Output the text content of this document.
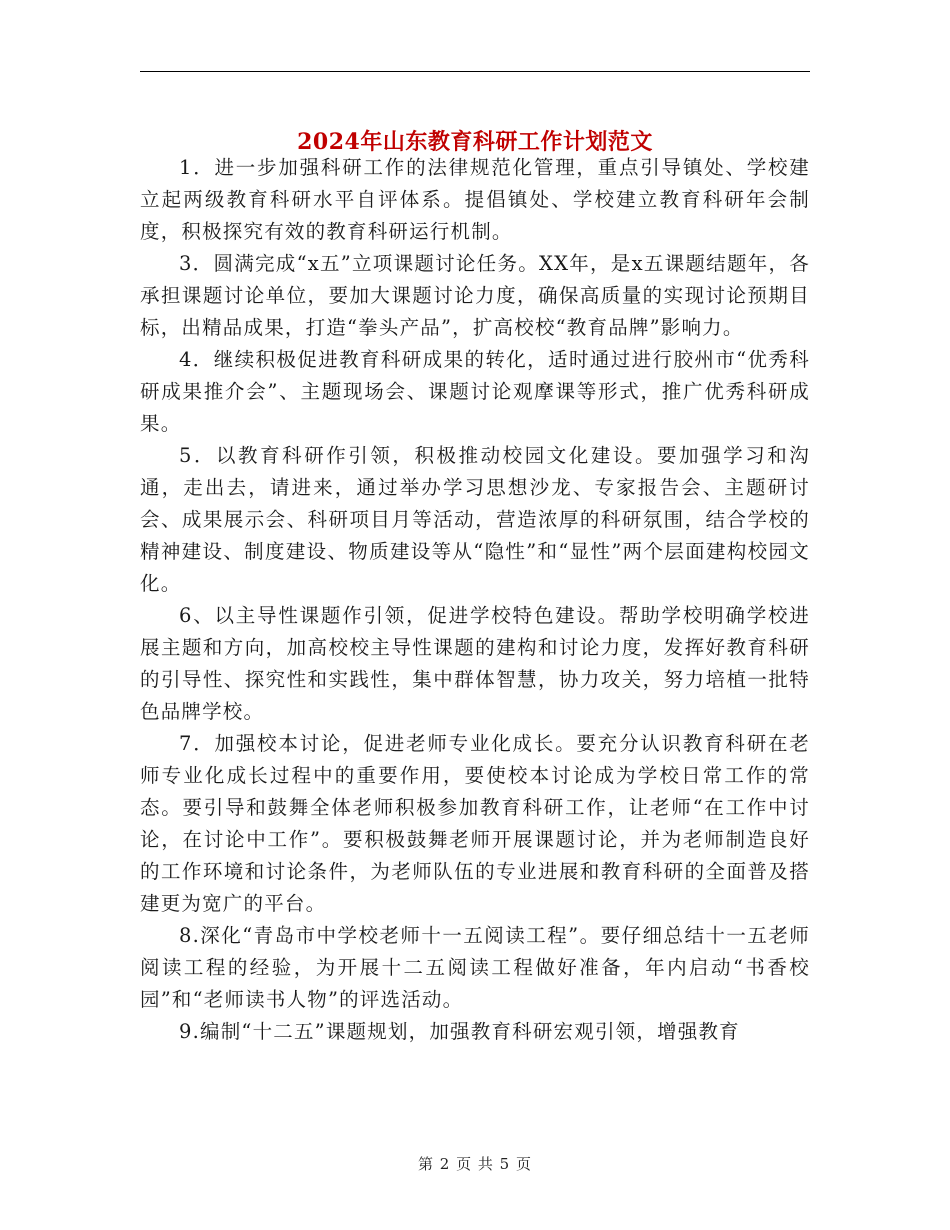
2024年山东教育科研工作计划范文

1．进一步加强科研工作的法律规范化管理，重点引导镇处、学校建立起两级教育科研水平自评体系。提倡镇处、学校建立教育科研年会制度，积极探究有效的教育科研运行机制。

3．圆满完成“x五”立项课题讨论任务。XX年，是x五课题结题年，各承担课题讨论单位，要加大课题讨论力度，确保高质量的实现讨论预期目标，出精品成果，打造“拳头产品”，扩高校校“教育品牌”影响力。

4．继续积极促进教育科研成果的转化，适时通过进行胶州市“优秀科研成果推介会”、主题现场会、课题讨论观摩课等形式，推广优秀科研成果。

5．以教育科研作引领，积极推动校园文化建设。要加强学习和沟通，走出去，请进来，通过举办学习思想沙龙、专家报告会、主题研讨会、成果展示会、科研项目月等活动，营造浓厚的科研氛围，结合学校的精神建设、制度建设、物质建设等从“隐性”和“显性”两个层面建构校园文化。

6、以主导性课题作引领，促进学校特色建设。帮助学校明确学校进展主题和方向，加高校校主导性课题的建构和讨论力度，发挥好教育科研的引导性、探究性和实践性，集中群体智慧，协力攻关，努力培植一批特色品牌学校。

7．加强校本讨论，促进老师专业化成长。要充分认识教育科研在老师专业化成长过程中的重要作用，要使校本讨论成为学校日常工作的常态。要引导和鼓舞全体老师积极参加教育科研工作，让老师“在工作中讨论，在讨论中工作”。要积极鼓舞老师开展课题讨论，并为老师制造良好的工作环境和讨论条件，为老师队伍的专业进展和教育科研的全面普及搭建更为宽广的平台。

8.深化“青岛市中学校老师十一五阅读工程”。要仔细总结十一五老师阅读工程的经验，为开展十二五阅读工程做好准备，年内启动“书香校园”和“老师读书人物”的评选活动。

9.编制“十二五”课题规划，加强教育科研宏观引领，增强教育

第 2 页 共 5 页
